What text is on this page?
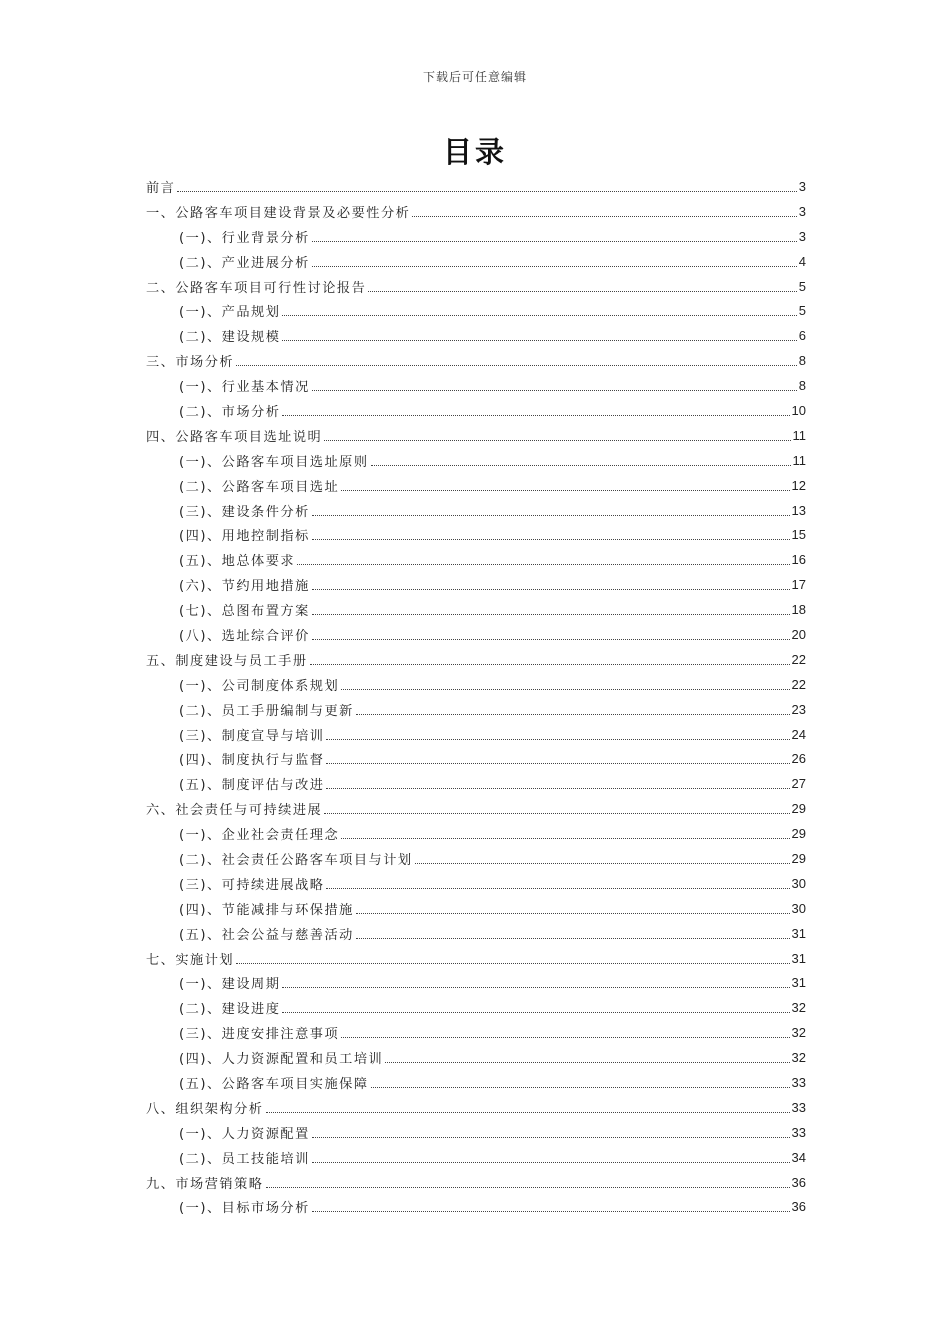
下载后可任意编辑
目录
前言	3
一、公路客车项目建设背景及必要性分析	3
(一)、行业背景分析	3
(二)、产业进展分析	4
二、公路客车项目可行性讨论报告	5
(一)、产品规划	5
(二)、建设规模	6
三、市场分析	8
(一)、行业基本情况	8
(二)、市场分析	10
四、公路客车项目选址说明	11
(一)、公路客车项目选址原则	11
(二)、公路客车项目选址	12
(三)、建设条件分析	13
(四)、用地控制指标	15
(五)、地总体要求	16
(六)、节约用地措施	17
(七)、总图布置方案	18
(八)、选址综合评价	20
五、制度建设与员工手册	22
(一)、公司制度体系规划	22
(二)、员工手册编制与更新	23
(三)、制度宣导与培训	24
(四)、制度执行与监督	26
(五)、制度评估与改进	27
六、社会责任与可持续进展	29
(一)、企业社会责任理念	29
(二)、社会责任公路客车项目与计划	29
(三)、可持续进展战略	30
(四)、节能减排与环保措施	30
(五)、社会公益与慈善活动	31
七、实施计划	31
(一)、建设周期	31
(二)、建设进度	32
(三)、进度安排注意事项	32
(四)、人力资源配置和员工培训	32
(五)、公路客车项目实施保障	33
八、组织架构分析	33
(一)、人力资源配置	33
(二)、员工技能培训	34
九、市场营销策略	36
(一)、目标市场分析	36
